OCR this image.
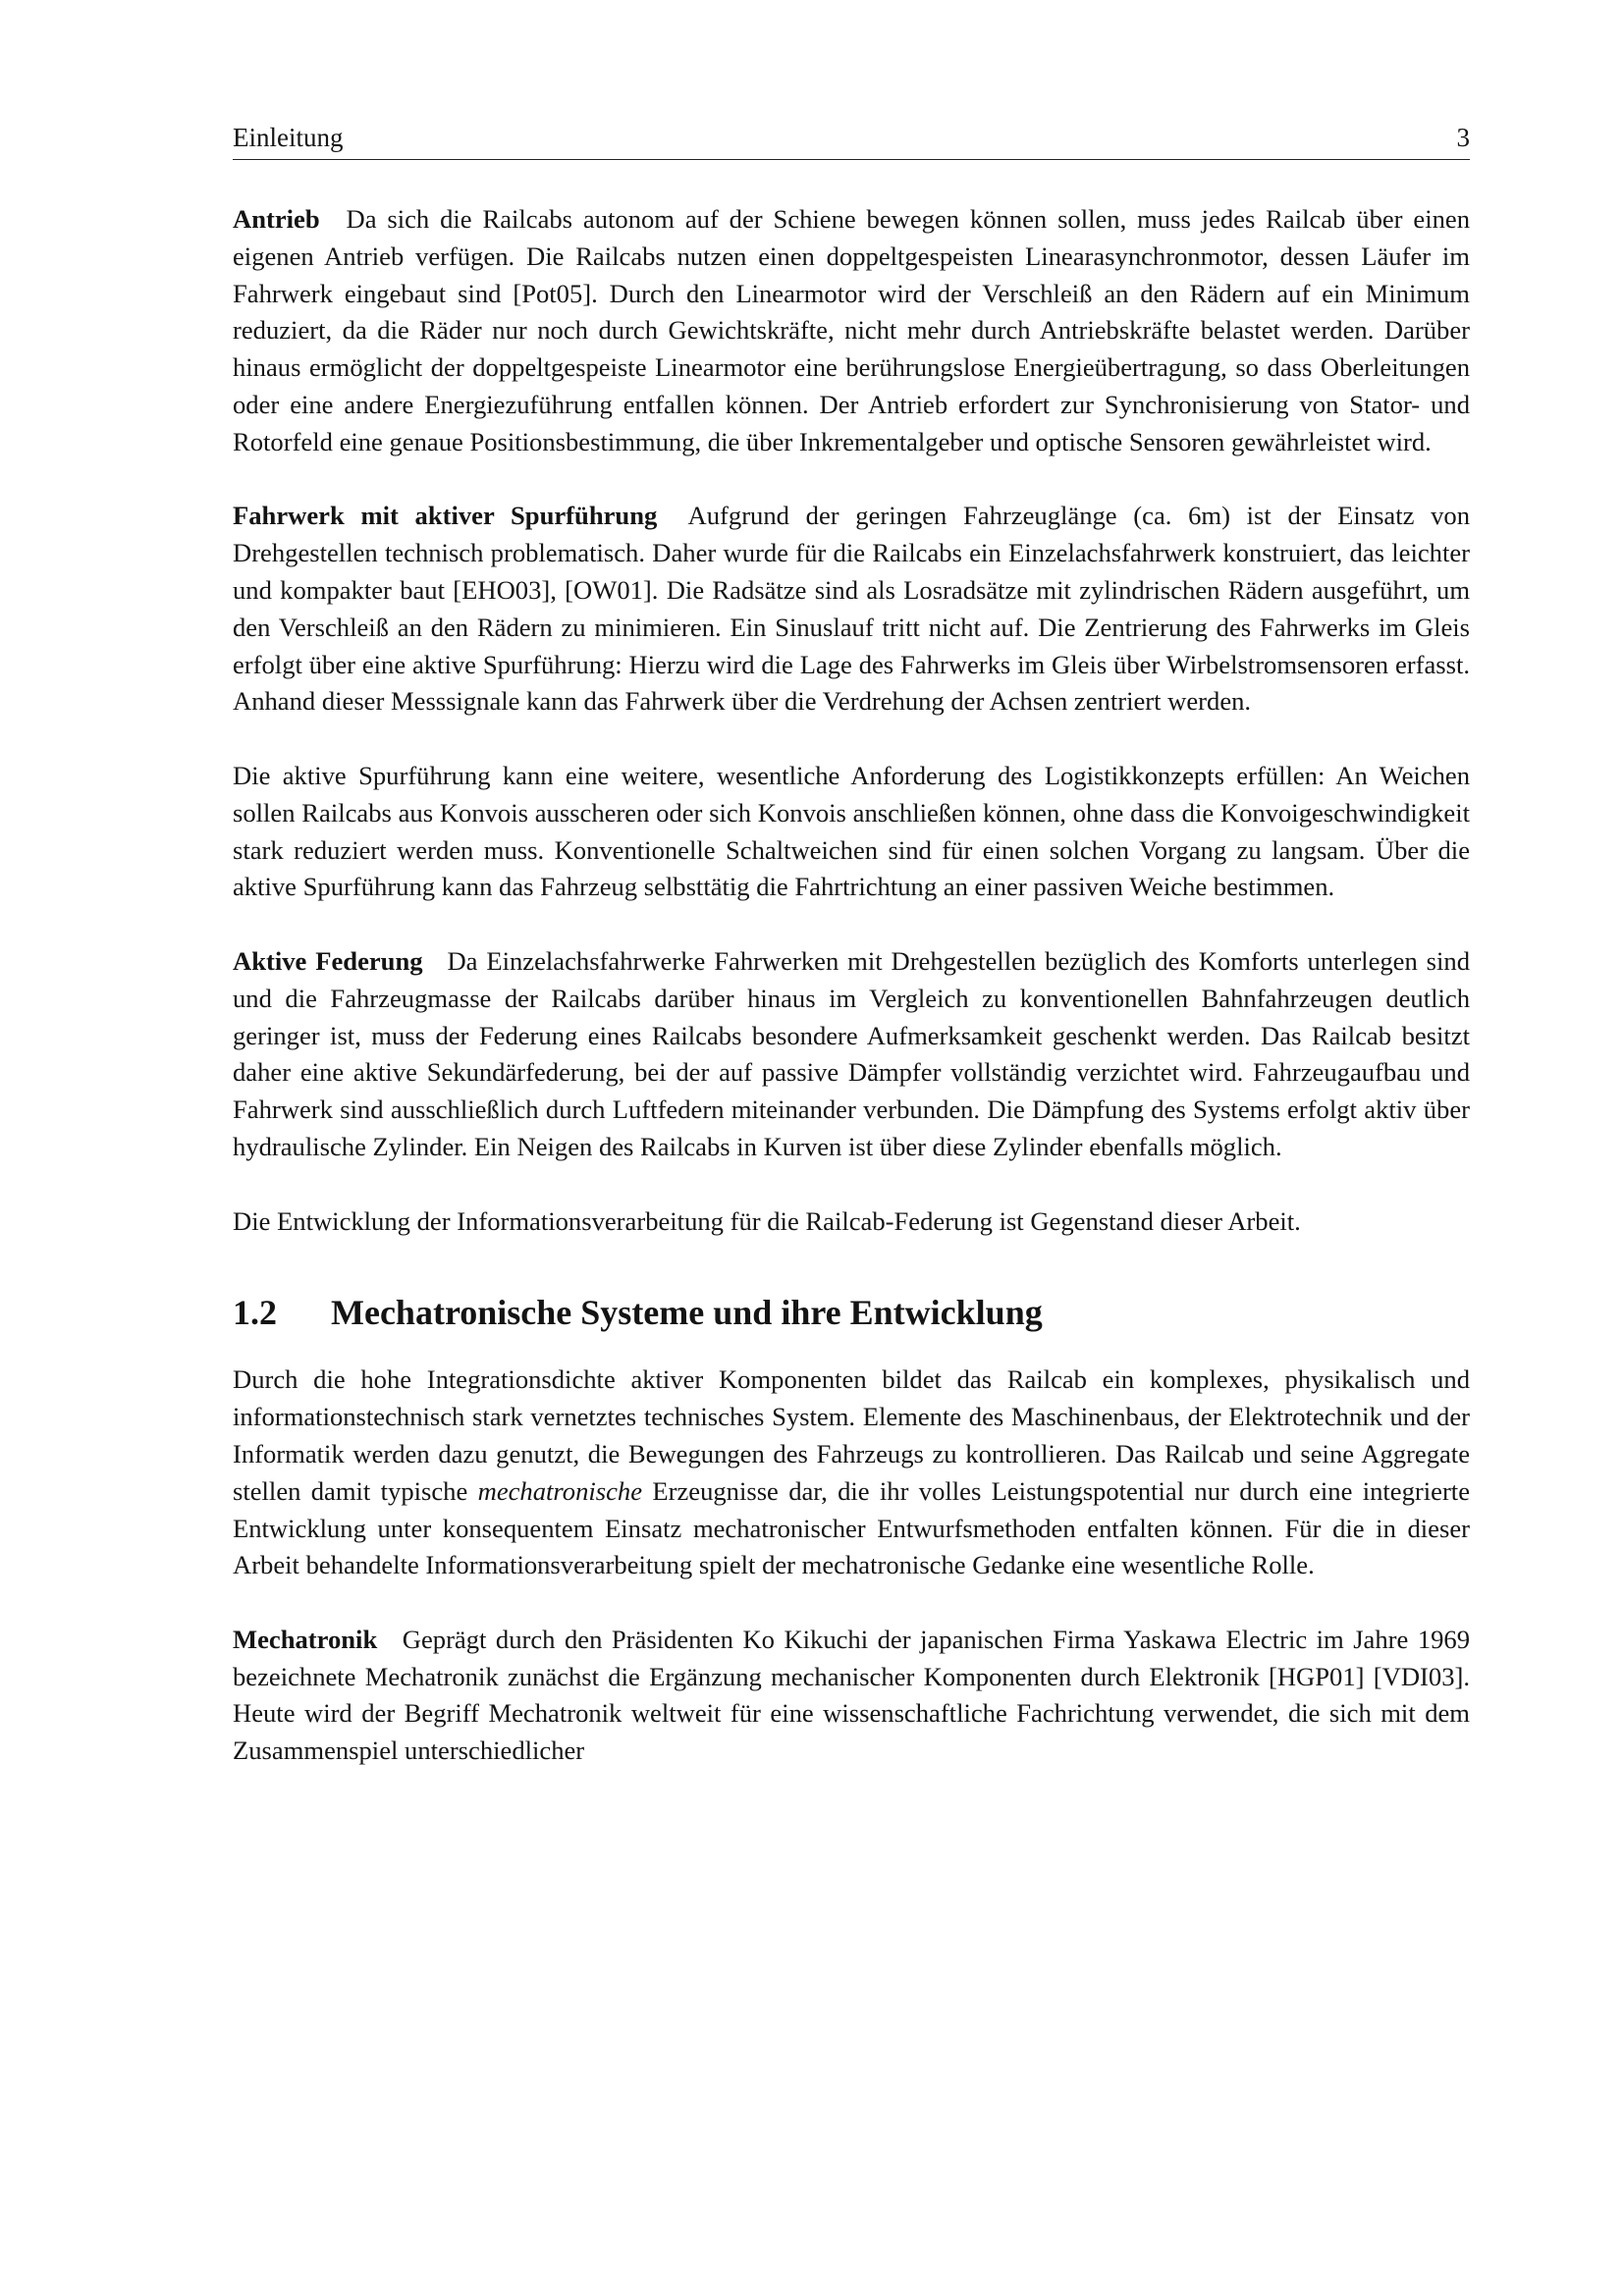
Einleitung	3

Antrieb Da sich die Railcabs autonom auf der Schiene bewegen können sollen, muss jedes Railcab über einen eigenen Antrieb verfügen. Die Railcabs nutzen einen doppeltgespeisten Linearasynchronmotor, dessen Läufer im Fahrwerk eingebaut sind [Pot05]. Durch den Linearmotor wird der Verschleiß an den Rädern auf ein Minimum reduziert, da die Räder nur noch durch Gewichtskräfte, nicht mehr durch Antriebskräfte belastet werden. Darüber hinaus ermöglicht der doppeltgespeiste Linearmotor eine berührungslose Energieübertragung, so dass Oberleitungen oder eine andere Energiezuführung entfallen können. Der Antrieb erfordert zur Synchronisierung von Stator- und Rotorfeld eine genaue Positionsbestimmung, die über Inkrementalgeber und optische Sensoren gewährleistet wird.

Fahrwerk mit aktiver Spurführung Aufgrund der geringen Fahrzeuglänge (ca. 6m) ist der Einsatz von Drehgestellen technisch problematisch. Daher wurde für die Railcabs ein Einzelachsfahrwerk konstruiert, das leichter und kompakter baut [EHO03], [OW01]. Die Radsätze sind als Losradsätze mit zylindrischen Rädern ausgeführt, um den Verschleiß an den Rädern zu minimieren. Ein Sinuslauf tritt nicht auf. Die Zentrierung des Fahrwerks im Gleis erfolgt über eine aktive Spurführung: Hierzu wird die Lage des Fahrwerks im Gleis über Wirbelstromsensoren erfasst. Anhand dieser Messsignale kann das Fahrwerk über die Verdrehung der Achsen zentriert werden.

Die aktive Spurführung kann eine weitere, wesentliche Anforderung des Logistikkonzepts erfüllen: An Weichen sollen Railcabs aus Konvois ausscheren oder sich Konvois anschließen können, ohne dass die Konvoigeschwindigkeit stark reduziert werden muss. Konventionelle Schaltweichen sind für einen solchen Vorgang zu langsam. Über die aktive Spurführung kann das Fahrzeug selbsttätig die Fahrtrichtung an einer passiven Weiche bestimmen.

Aktive Federung Da Einzelachsfahrwerke Fahrwerken mit Drehgestellen bezüglich des Komforts unterlegen sind und die Fahrzeugmasse der Railcabs darüber hinaus im Vergleich zu konventionellen Bahnfahrzeugen deutlich geringer ist, muss der Federung eines Railcabs besondere Aufmerksamkeit geschenkt werden. Das Railcab besitzt daher eine aktive Sekundärfederung, bei der auf passive Dämpfer vollständig verzichtet wird. Fahrzeugaufbau und Fahrwerk sind ausschließlich durch Luftfedern miteinander verbunden. Die Dämpfung des Systems erfolgt aktiv über hydraulische Zylinder. Ein Neigen des Railcabs in Kurven ist über diese Zylinder ebenfalls möglich.

Die Entwicklung der Informationsverarbeitung für die Railcab-Federung ist Gegenstand dieser Arbeit.

1.2 Mechatronische Systeme und ihre Entwicklung

Durch die hohe Integrationsdichte aktiver Komponenten bildet das Railcab ein komplexes, physikalisch und informationstechnisch stark vernetztes technisches System. Elemente des Maschinenbaus, der Elektrotechnik und der Informatik werden dazu genutzt, die Bewegungen des Fahrzeugs zu kontrollieren. Das Railcab und seine Aggregate stellen damit typische mechatronische Erzeugnisse dar, die ihr volles Leistungspotential nur durch eine integrierte Entwicklung unter konsequentem Einsatz mechatronischer Entwurfsmethoden entfalten können. Für die in dieser Arbeit behandelte Informationsverarbeitung spielt der mechatronische Gedanke eine wesentliche Rolle.

Mechatronik Geprägt durch den Präsidenten Ko Kikuchi der japanischen Firma Yaskawa Electric im Jahre 1969 bezeichnete Mechatronik zunächst die Ergänzung mechanischer Komponenten durch Elektronik [HGP01] [VDI03]. Heute wird der Begriff Mechatronik weltweit für eine wissenschaftliche Fachrichtung verwendet, die sich mit dem Zusammenspiel unterschiedlicher
